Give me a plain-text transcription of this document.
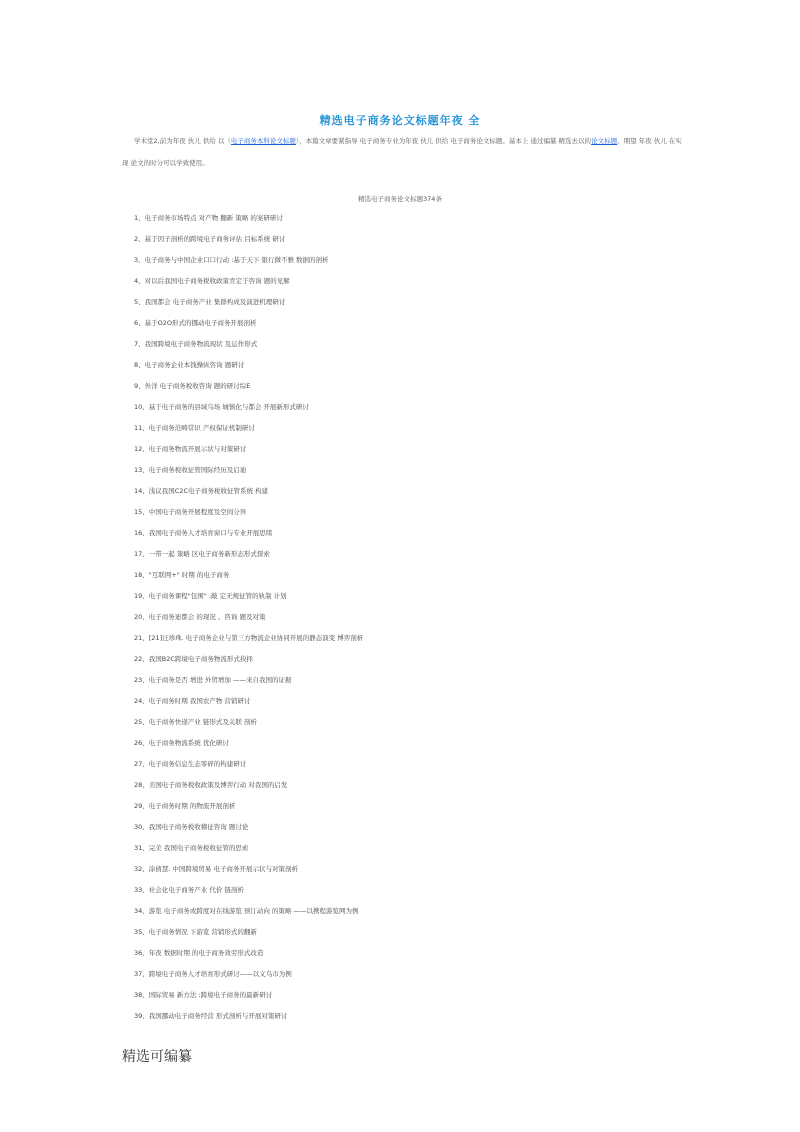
精选电子商务论文标题年夜 全
学术堂2,前为年夜 伙儿 供给 以（电子商务本科论文标题），本篇文章要紧指导 电子商务专业为年夜 伙儿 供给 电子商务论文标题。基本上 通过编纂 精选去以的论文标题，期望 年夜 伙儿 在实现 论文的时分可以学致使用。
精选电子商务论文标题374条
1、电子商务市场特点 对产物 翻新 策略 的案研研讨
2、基于因子剖析的跨境电子商务评估 目标系统 研讨
3、电子商务与中国企业口口行动 :基于天下 银行微不雅 数据的剖析
4、对以后我国电子商务税收政策肯定于咨询 题的见解
5、我国都会 电子商务产业 集群构成及演进机理研讨
6、基于O2O形式的挪动电子商务开展剖析
7、我国跨境电子商务物流现状 及运作形式
8、电子商务企业本钱操纵咨询 题研讨
9、外洋 电子商务税收咨询 题的研讨综E
10、基于电子商务的县域乌场 城镇化与都会 开展新形式研讨
11、电子商务范畴常识 产权保证机制研讨
12、电子商务物流开展示状与对策研讨
13、电子商务税收征管国际经历及启迪
14、浅议我国C2C电子商务税收征管系统 构建
15、中国电子商务开展程度及空间分异
16、我国电子商务人才培育窗口与专业开展思绪
17、一带一起 策略 区电子商务新形态形式探索
18、"互联网+" 时期 的电子商务
19、电子商务课程"包围" :敲 定无规征管的轨制 计划
20、电子商务迪都会 的现况 、咨询 题及对策
21、[21]汪珍珠. 电子商务企业与第三方物流企业协同开展的静态演变 博弈剖析
22、我国B2C跨境电子商务物流形式抉择
23、电子商务是否 增进 外贸增加 ——来自我国的证据
24、电子商务时期 我国农产物 营销研讨
25、电子商务快递产业 链形式及关联 剖析
26、电子商务物流系统 优化研讨
27、电子商务信息生态零碎的构建研讨
28、美国电子商务税收政策及博弈行动 对我国的启发
29、电子商务时期 的物流开展剖析
30、我国电子商务税收稽征咨询 题讨论
31、完美 我国电子商务税收征管的思索
32、涂倩慧. 中国跨境贸易 电子商务开展示状与对策剖析
33、社会化电子商务产业 代价 链剖析
34、游览 电子商务或跨度对在线游览 预订动向 的策略 ——以携程游览网为例
35、电子商务情况 下游览 营销形式的翻新
36、年夜 数据时期 的电子商务效劳形式改造
37、跨境电子商务人才培育形式研讨——以义乌市为例
38、国际贸易 新方法 :跨境电子商务的最新研讨
39、我国挪动电子商务经营 形式剖析与开展对策研讨
精选可编纂
